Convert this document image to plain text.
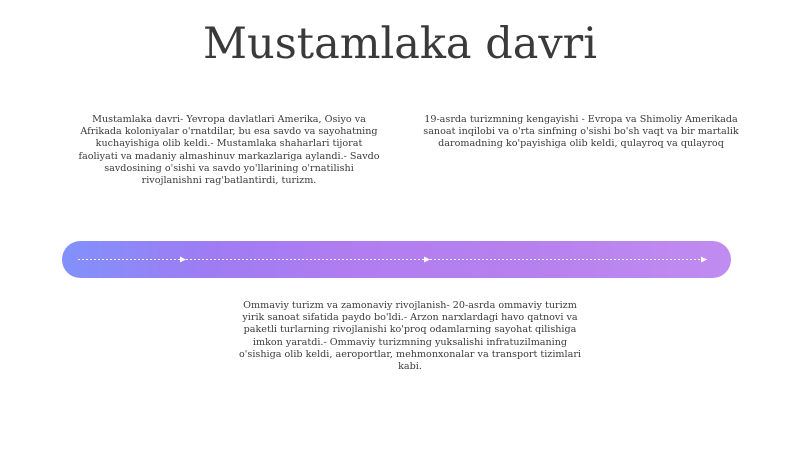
Mustamlaka davri

Mustamlaka davri- Yevropa davlatlari Amerika, Osiyo va Afrikada koloniyalar o'rnatdilar, bu esa savdo va sayohatning kuchayishiga olib keldi.- Mustamlaka shaharlari tijorat faoliyati va madaniy almashinuv markazlariga aylandi.- Savdo savdosining o'sishi va savdo yo'llarining o'rnatilishi rivojlanishni rag'batlantirdi, turizm.

19-asrda turizmning kengayishi - Evropa va Shimoliy Amerikada sanoat inqilobi va o'rta sinfning o'sishi bo'sh vaqt va bir martalik daromadning ko'payishiga olib keldi, qulayroq va qulayroq

Ommaviy turizm va zamonaviy rivojlanish- 20-asrda ommaviy turizm yirik sanoat sifatida paydo bo'ldi.- Arzon narxlardagi havo qatnovi va paketli turlarning rivojlanishi ko'proq odamlarning sayohat qilishiga imkon yaratdi.- Ommaviy turizmning yuksalishi infratuzilmaning o'sishiga olib keldi, aeroportlar, mehmonxonalar va transport tizimlari kabi.
